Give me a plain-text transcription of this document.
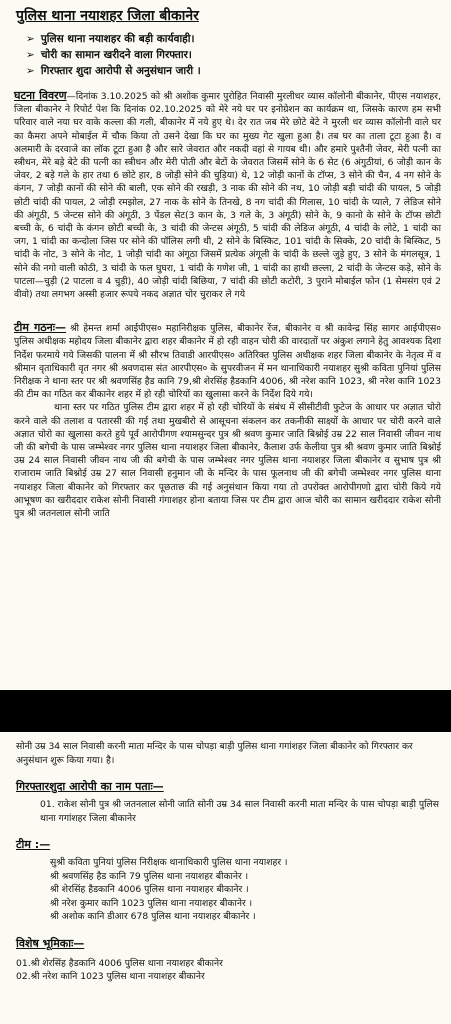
पुलिस थाना नयाशहर जिला बीकानेर
➢ पुलिस थाना नयाशहर की बड़ी कार्यवाही।
➢ चोरी का सामान खरीदने वाला गिरफ्तार।
➢ गिरफ्तार शुदा आरोपी से अनुसंधान जारी ।
घटना विवरण—दिनांक 3.10.2025 को श्री अशोक कुमार पुरोहित निवासी मुरलीधर व्यास कॉलोनी बीकानेर, पीएस नयाशहर, जिला बीकानेर ने रिपोर्ट पेश कि दिनांक 02.10.2025 को मेरे नये घर पर इनोग्रेशन का कार्यक्रम था, जिसके कारण हम सभी परिवार वाले नया घर वाके कल्ला की गली, बीकानेर में नये हुए थे। देर रात जब मेरे छोटे बेटे ने मुरली धर व्यास कॉलोनी वाले घर का कैमरा अपने मोबाईल में चौक किया तो उसने देखा कि घर का मुख्य गेट खुला हुआ है। तब घर का ताला टूटा हुआ है। व अलमारी के दरवाजे का लॉक टूटा हुआ है और सारे जेवरात और नकदी वहां से गायब थी। और हमारे पुश्तैनी जेवर, मेरी पत्नी का स्त्रीधन, मेरे बड़े बेटे की पत्नी का स्त्रीधन और मेरी पोती और बेटों के जेवरात जिसमें सोने के 6 सेट (6 अंगुठीयां, 6 जोड़ी कान के जेवर, 2 बड़े गले के हार तथा 6 छोटे हार, 8 जोड़ी सोने की चुड़िया) थे, 12 जोड़ी कानों के टॉप्स, 3 सोने की चैन, 4 नग सोने के कंगन, 7 जोड़ी कानों की सोने की बाली, एक सोने की रखड़ी, 3 नाक की सोने की नथ, 10 जोड़ी बड़ी चांदी की पायल, 5 जोड़ी छोटी चांदी की पायल, 2 जोड़ी रमझोल, 27 नाक के सोने के तिनखे, 8 नग चांदी की गिलास, 10 चांदी के प्याले, 7 लेडिज सोने की अंगूठी, 5 जेन्टस सोने की अंगूठी, 3 पेंडल सेट(3 कान के, 3 गले के, 3 अंगूठी) सोने के, 9 कानो के सोने के टॉप्स छोटी बच्ची के, 6 चांदी के कंगन छोटी बच्ची के, 3 चांदी की जेन्टस अंगूठी, 5 चांदी की लेडिज अंगूठी, 4 चांदी के लोटे, 1 चांदी का जग, 1 चांदी का कन्दोला जिस पर सोने की पॉलिस लगी थी, 2 सोने के बिस्किट, 101 चांदी के सिक्के, 20 चांदी के बिस्किट, 5 चांदी के नोट, 3 सोने के नोट, 1 जोड़ी चांदी का अंगूठा जिसमें प्रत्येक अंगूली के चांदी के छल्ले जुड़े हुए, 3 सोने के मंगलसूत्र, 1 सोने की नगो वाली कोठी, 3 चांदी के फल घुघरा, 1 चांदी के गणेश जी, 1 चांदी का हाथी छल्ला, 2 चांदी के जेन्टस कड़े, सोने के पाटला—चुड़ी (2 पाटला व 4 चुड़ी), 40 जोड़ी चांदी बिछिया, 7 चांदी की छोटी कटोरी, 3 पुराने मोबाईल फोन (1 सेमसंग एवं 2 वीवो) तथा लगभग अस्सी हजार रूपये नकद अज्ञात चोर चुराकर ले गये
टीम गठनः— श्री हेमन्त शर्मा आईपीएस० महानिरीक्षक पुलिस, बीकानेर रेंज, बीकानेर व श्री कावेन्द्र सिंह सागर आईपीएस० पुलिस अधीक्षक महोदय जिला बीकानेर द्वारा शहर बीकानेर में हो रही वाहन चोरी की वारदातों पर अंकुश लगाने हेतु आवश्यक दिशा निर्देश फरमाये गये जिसकी पालना में श्री सौरभ तिवाडी आरपीएस० अतिरिक्त पुलिस अधीक्षक शहर जिला बीकानेर के नेतृत्व में व श्रीमान वृताधिकारी वृत नगर श्री श्रवणदास संत आरपीएस० के सुपरवीजन में मन थानाधिकारी नयाशहर सुश्री कविता पुनियां पुलिस निरीक्षक ने थाना स्तर पर श्री श्रवणसिंह हैड कानि 79,श्री शेरसिंह हैडकानि 4006, श्री नरेश कानि 1023, श्री नरेश कानि 1023 की टीम का गठित कर बीकानेर शहर में हो रही चोरियों का खुलासा करने के निर्देश दिये गये।
थाना स्तर पर गठित पुलिस टीम द्वारा शहर में हो रही चोरियों के संबंध में सीसीटीवी फुटेज के आधार पर अज्ञात चोरो करने वाले की तलाश व पतारसी की गई तथा मुखबीरो से आसूचना संकलन कर तकनीकी साक्ष्यों के आधार पर चोरी करने वाले अज्ञात चोरो का खुलासा करते हुये पूर्व आरोपीगण श्यामसुन्दर पुत्र श्री श्रवण कुमार जाति बिश्नोई उम्र 22 साल निवासी जीवन नाथ जी की बगेची के पास जम्भेश्वर नगर पुलिस थाना नयाशहर जिला बीकानेर, कैलाश उर्फ केलीया पुत्र श्री श्रवण कुमार जाति बिश्नोई उम्र 24 साल निवासी जीवन नाथ जी की बगेची के पास जम्भेश्वर नगर पुलिस थाना नयाशहर जिला बीकानेर व सुभाष पुत्र श्री राजाराम जाति बिश्नोई उम्र 27 साल निवासी हनुमान जी के मन्दिर के पास फूलनाथ जी की बगेची जम्भेश्वर नगर पुलिस थाना नयाशहर जिला बीकानेर को गिरफ्तार कर पूछताछ की गई अनुसंधान किया गया तो उपरोक्त आरोपीगणो द्वारा चोरी किये गये आभूषण का खरीददार राकेश सोनी निवासी गंगाशहर होना बताया जिस पर टीम द्वारा आज चोरी का सामान खरीददार राकेश सोनी पुत्र श्री जतनलाल सोनी जाति
सोनी उम्र 34 साल निवासी करनी माता मन्दिर के पास चोपड़ा बाड़ी पुलिस थाना गगांशहर जिला बीकानेर को गिरफ्तार कर अनुसंधान शुरू किया गया। है।
गिरफ्तारशुदा आरोपी का नाम पताः—
01. राकेश सोनी पुत्र श्री जतनलाल सोनी जाति सोनी उम्र 34 साल निवासी करनी माता मन्दिर के पास चोपड़ा बाड़ी पुलिस थाना गगांशहर जिला बीकानेर
टीम :—
सुश्री कविता पुनियां पुलिस निरीक्षक थानाधिकारी पुलिस थाना नयाशहर ।
श्री श्रवणसिंह हैड कानि 79 पुलिस थाना नयाशहर बीकानेर ।
श्री शेरसिंह हैडकानि 4006 पुलिस थाना नयाशहर बीकानेर ।
श्री नरेश कुमार कानि 1023 पुलिस थाना नयाशहर बीकानेर ।
श्री अशोक कानि डीआर 678 पुलिस थाना नयाशहर बीकानेर ।
विशेष भूमिकाः—
01.श्री शेरसिंह हैडकानि 4006 पुलिस थाना नयाशहर बीकानेर
02.श्री नरेश कानि 1023 पुलिस थाना नयाशहर बीकानेर
